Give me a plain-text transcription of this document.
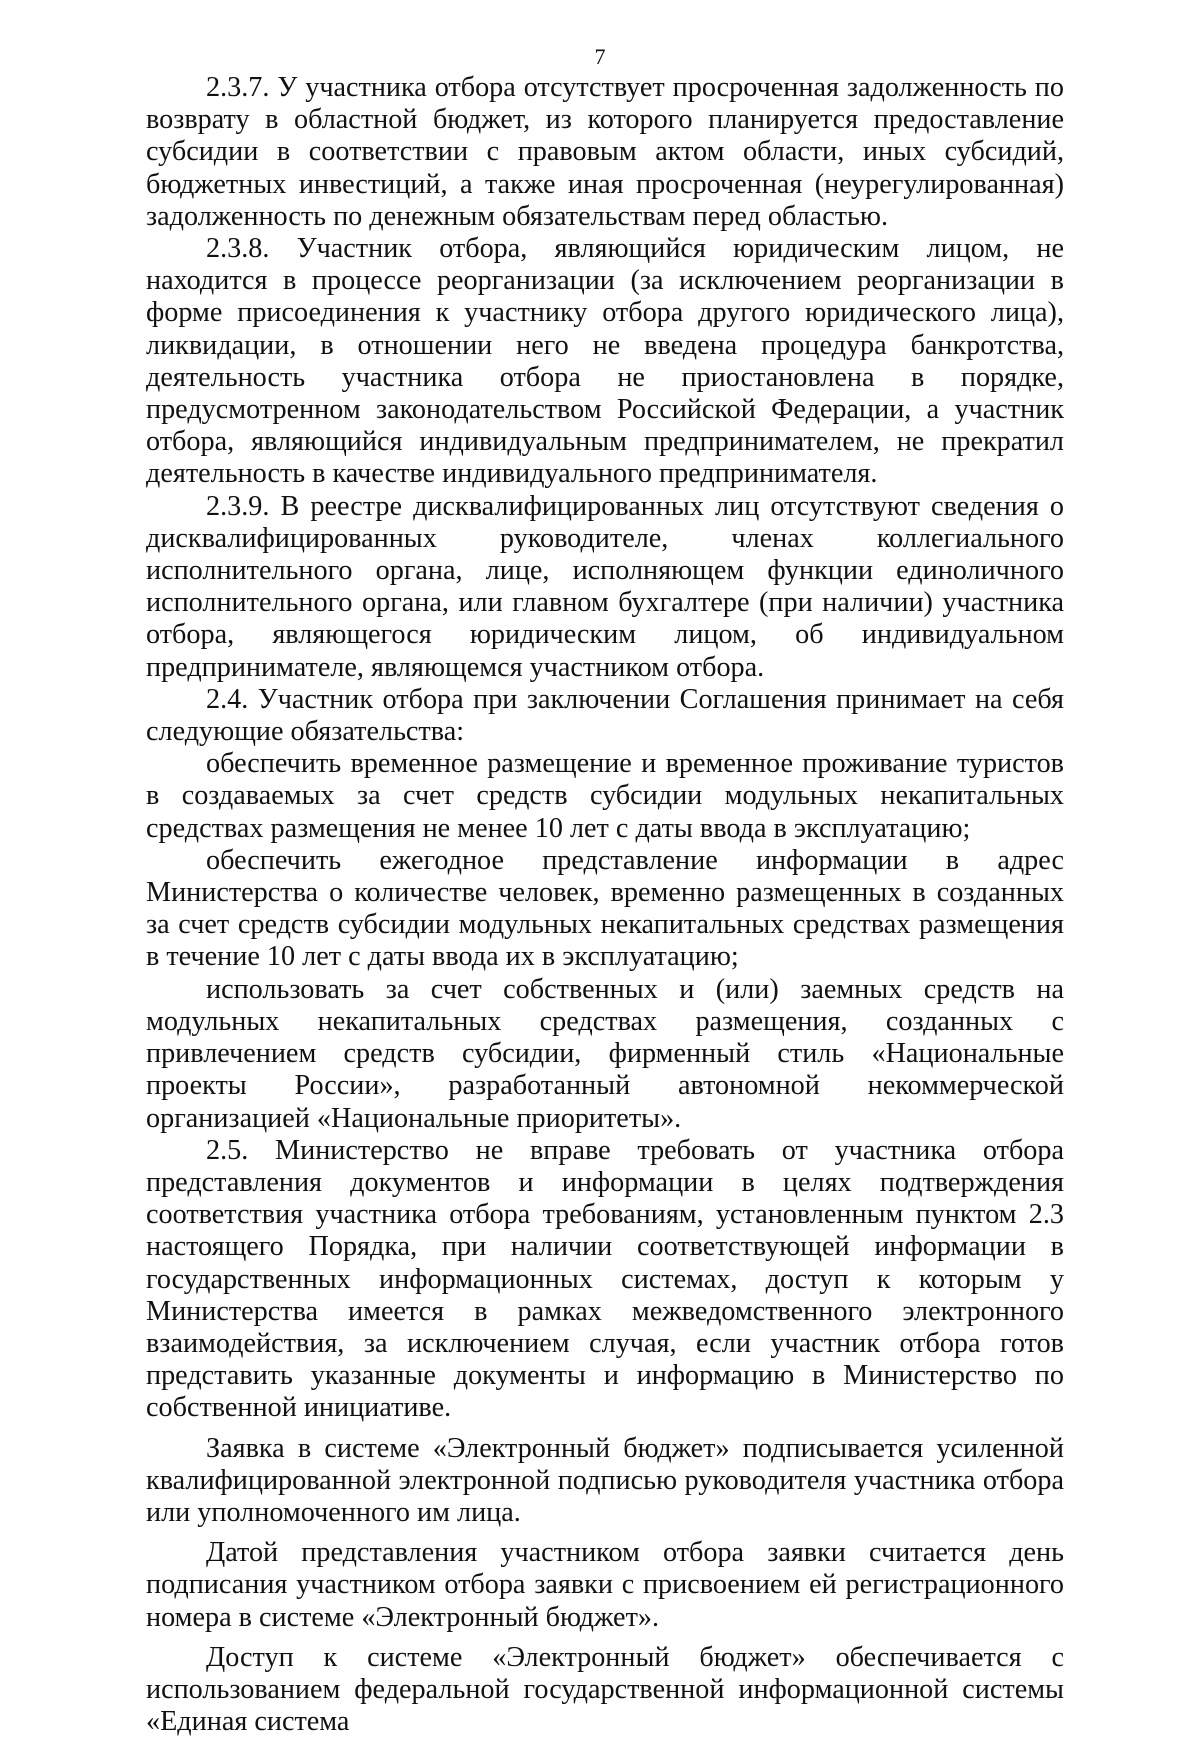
7

2.3.7. У участника отбора отсутствует просроченная задолженность по возврату в областной бюджет, из которого планируется предоставление субсидии в соответствии с правовым актом области, иных субсидий, бюджетных инвестиций, а также иная просроченная (неурегулированная) задолженность по денежным обязательствам перед областью.

2.3.8. Участник отбора, являющийся юридическим лицом, не находится в процессе реорганизации (за исключением реорганизации в форме присоединения к участнику отбора другого юридического лица), ликвидации, в отношении него не введена процедура банкротства, деятельность участника отбора не приостановлена в порядке, предусмотренном законодательством Российской Федерации, а участник отбора, являющийся индивидуальным предпринимателем, не прекратил деятельность в качестве индивидуального предпринимателя.

2.3.9. В реестре дисквалифицированных лиц отсутствуют сведения о дисквалифицированных руководителе, членах коллегиального исполнительного органа, лице, исполняющем функции единоличного исполнительного органа, или главном бухгалтере (при наличии) участника отбора, являющегося юридическим лицом, об индивидуальном предпринимателе, являющемся участником отбора.

2.4. Участник отбора при заключении Соглашения принимает на себя следующие обязательства:

обеспечить временное размещение и временное проживание туристов в создаваемых за счет средств субсидии модульных некапитальных средствах размещения не менее 10 лет с даты ввода в эксплуатацию;

обеспечить ежегодное представление информации в адрес Министерства о количестве человек, временно размещенных в созданных за счет средств субсидии модульных некапитальных средствах размещения в течение 10 лет с даты ввода их в эксплуатацию;

использовать за счет собственных и (или) заемных средств на модульных некапитальных средствах размещения, созданных с привлечением средств субсидии, фирменный стиль «Национальные проекты России», разработанный автономной некоммерческой организацией «Национальные приоритеты».

2.5. Министерство не вправе требовать от участника отбора представления документов и информации в целях подтверждения соответствия участника отбора требованиям, установленным пунктом 2.3 настоящего Порядка, при наличии соответствующей информации в государственных информационных системах, доступ к которым у Министерства имеется в рамках межведомственного электронного взаимодействия, за исключением случая, если участник отбора готов представить указанные документы и информацию в Министерство по собственной инициативе.

Заявка в системе «Электронный бюджет» подписывается усиленной квалифицированной электронной подписью руководителя участника отбора или уполномоченного им лица.

Датой представления участником отбора заявки считается день подписания участником отбора заявки с присвоением ей регистрационного номера в системе «Электронный бюджет».

Доступ к системе «Электронный бюджет» обеспечивается с использованием федеральной государственной информационной системы «Единая система
